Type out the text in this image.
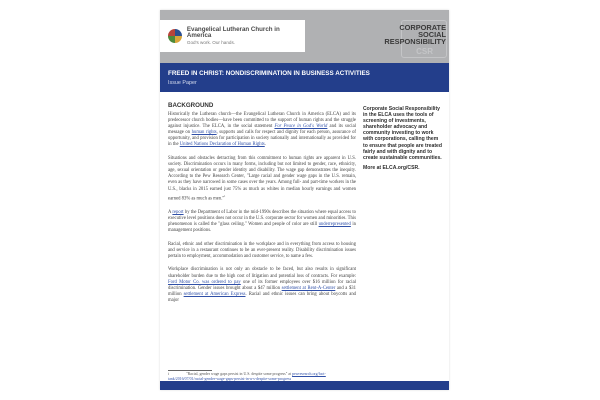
Evangelical Lutheran Church in America
God's work. Our hands.
CSR
CORPORATE
SOCIAL
RESPONSIBILITY
FREED IN CHRIST: NONDISCRIMINATION IN BUSINESS ACTIVITIES
Issue Paper
BACKGROUND

Historically the Lutheran church—the Evangelical Lutheran Church in America (ELCA) and its predecessor church bodies—have been committed to the support of human rights and the struggle against injustice. The ELCA, in the social statement For Peace in God's World and its social message on human rights, supports and calls for respect and dignity for each person, assurance of opportunity, and provision for participation in society nationally and internationally as provided for in the United Nations Declaration of Human Rights.

Situations and obstacles detracting from this commitment to human rights are apparent in U.S. society. Discrimination occurs in many forms, including but not limited to gender, race, ethnicity, age, sexual orientation or gender identity and disability. The wage gap demonstrates the inequity. According to the Pew Research Center, "Large racial and gender wage gaps in the U.S. remain, even as they have narrowed in some cases over the years. Among full- and part-time workers in the U.S., blacks in 2015 earned just 75% as much as whites in median hourly earnings and women earned 83% as much as men."$^i$

A report by the Department of Labor in the mid-1990s describes the situation where equal access to executive level positions does not occur in the U.S. corporate sector for women and minorities. This phenomenon is called the "glass ceiling." Women and people of color are still underrepresented in management positions.

Racial, ethnic and other discrimination in the workplace and in everything from access to housing and service in a restaurant continues to be an ever-present reality. Disability discrimination issues pertain to employment, accommodation and customer service, to name a few.

Workplace discrimination is not only an obstacle to be faced, but also results in significant shareholder burden due to the high cost of litigation and potential loss of contracts. For example: Ford Motor Co. was ordered to pay one of its former employees over $16 million for racial discrimination. Gender issues brought about a $47 million settlement at Rent-A-Center and a $31 million settlement at American Express. Racial and ethnic issues can bring about boycotts and major

Corporate Social Responsibility in the ELCA uses the tools of screening of investments, shareholder advocacy and community investing to work with corporations, calling them to ensure that people are treated fairly and with dignity and to create sustainable communities.

More at ELCA.org/CSR.
i	"Racial, gender wage gaps persist in U.S. despite some progress" at pewresearch.org/fact-tank/2016/07/01/racial-gender-wage-gaps-persist-in-u-s-despite-some-progress
